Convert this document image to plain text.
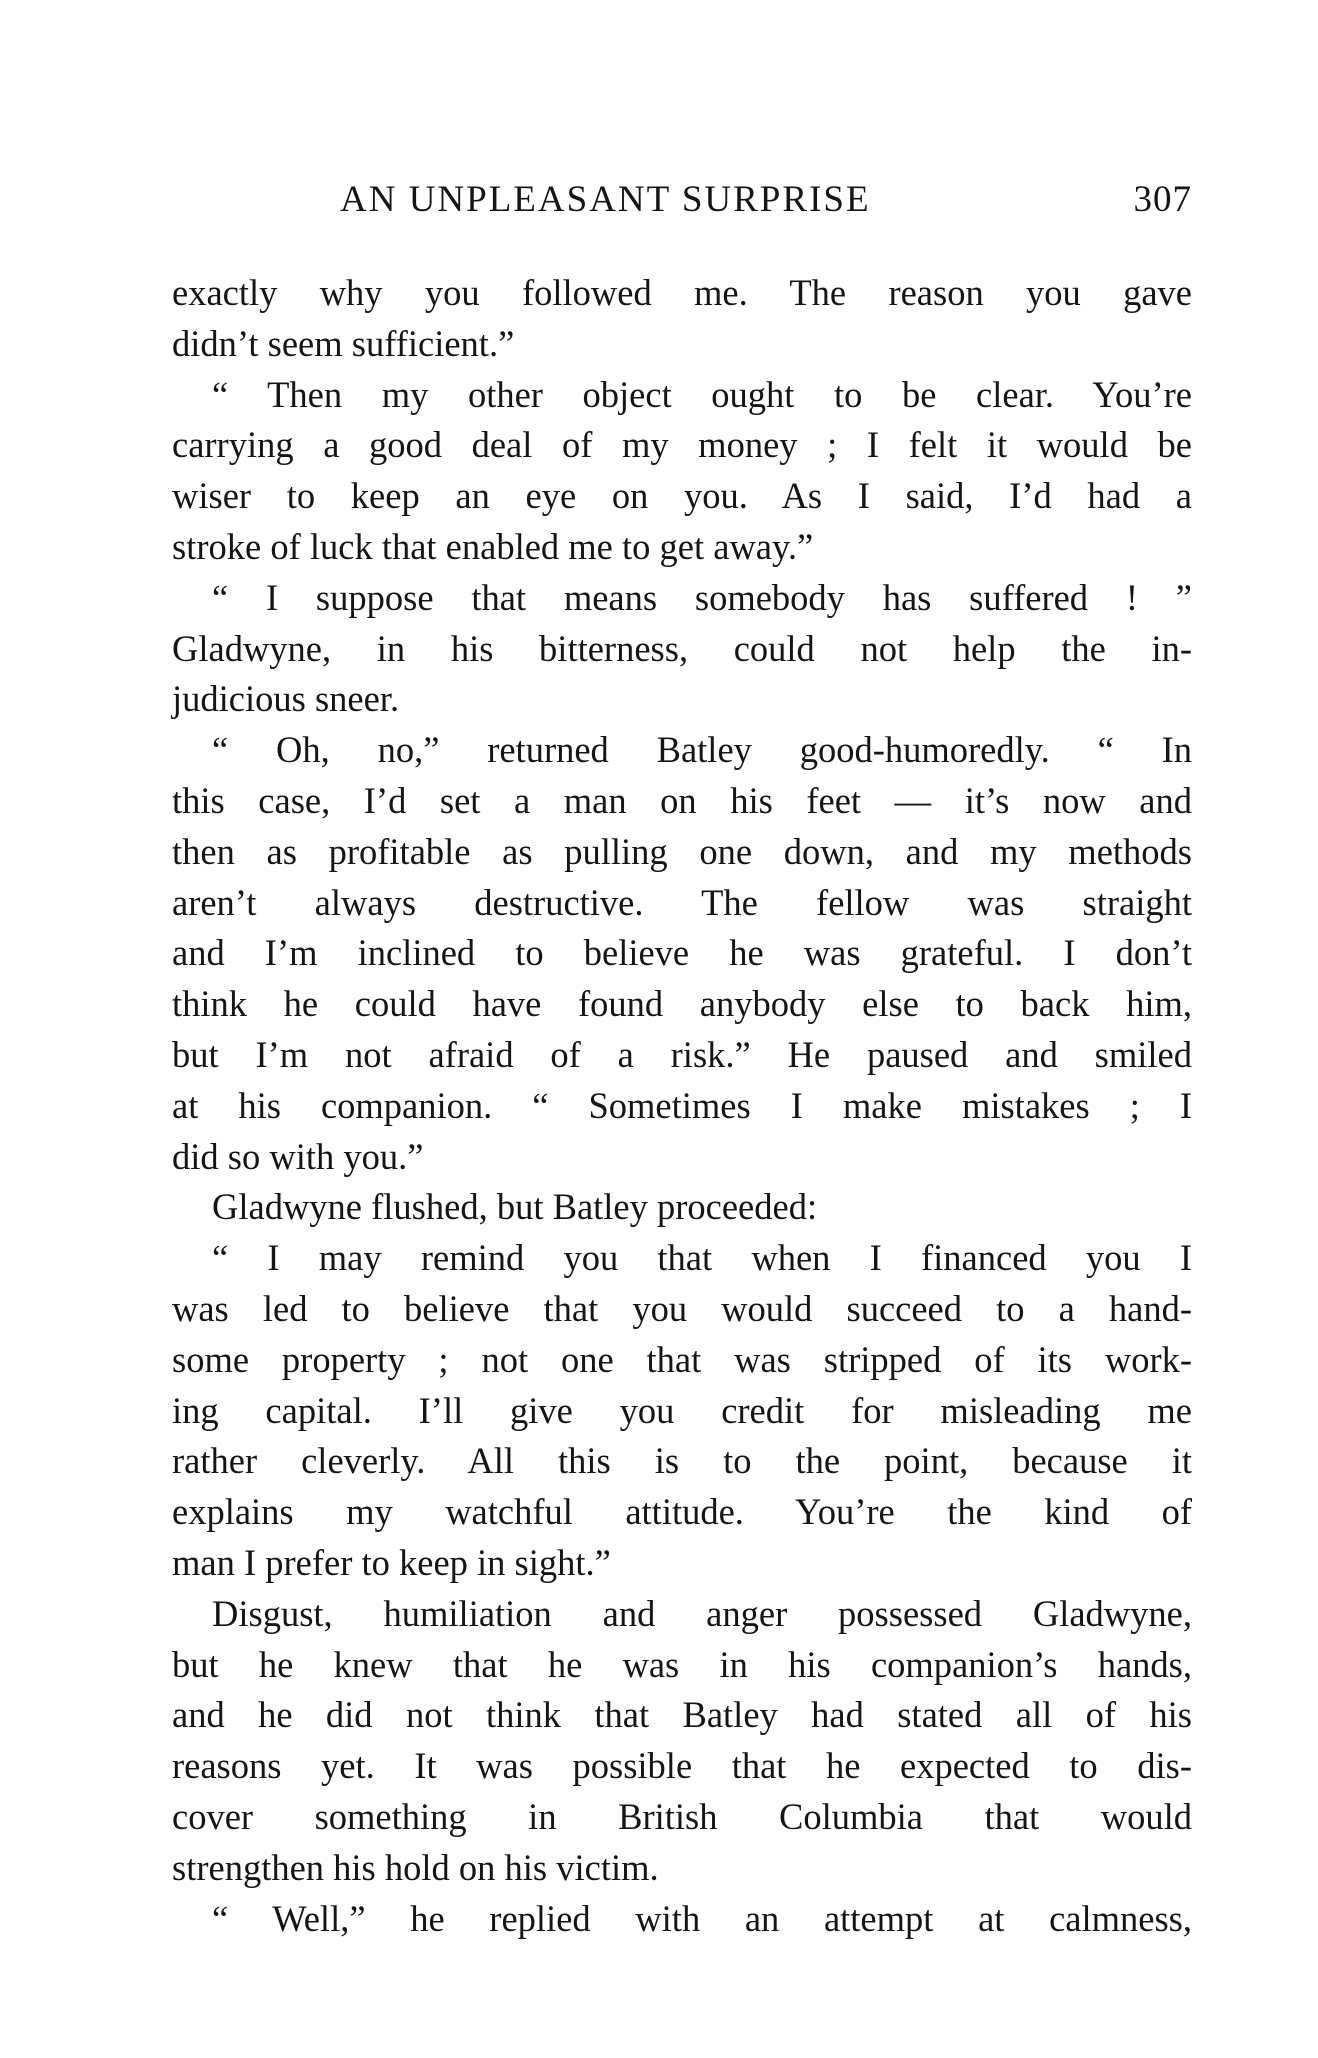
AN UNPLEASANT SURPRISE	307
exactly why you followed me. The reason you gave
didn’t seem sufficient.”
“ Then my other object ought to be clear. You’re
carrying a good deal of my money ; I felt it would be
wiser to keep an eye on you. As I said, I’d had a
stroke of luck that enabled me to get away.”
“ I suppose that means somebody has suffered ! ”
Gladwyne, in his bitterness, could not help the in-
judicious sneer.
“ Oh, no,” returned Batley good-humoredly. “ In
this case, I’d set a man on his feet — it’s now and
then as profitable as pulling one down, and my methods
aren’t always destructive. The fellow was straight
and I’m inclined to believe he was grateful. I don’t
think he could have found anybody else to back him,
but I’m not afraid of a risk.” He paused and smiled
at his companion. “ Sometimes I make mistakes ; I
did so with you.”
Gladwyne flushed, but Batley proceeded:
“ I may remind you that when I financed you I
was led to believe that you would succeed to a hand-
some property ; not one that was stripped of its work-
ing capital. I’ll give you credit for misleading me
rather cleverly. All this is to the point, because it
explains my watchful attitude. You’re the kind of
man I prefer to keep in sight.”
Disgust, humiliation and anger possessed Gladwyne,
but he knew that he was in his companion’s hands,
and he did not think that Batley had stated all of his
reasons yet. It was possible that he expected to dis-
cover something in British Columbia that would
strengthen his hold on his victim.
“ Well,” he replied with an attempt at calmness,
